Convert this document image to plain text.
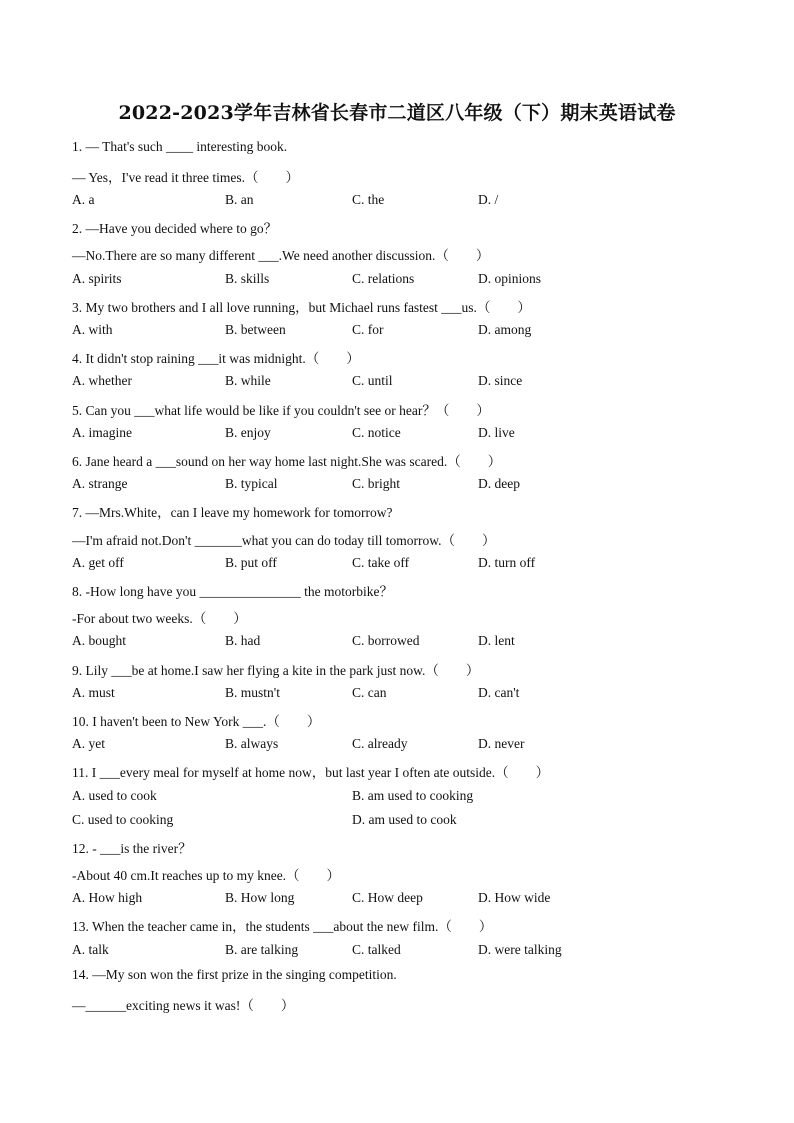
2022-2023学年吉林省长春市二道区八年级（下）期末英语试卷
1. — That's such ____ interesting book.
— Yes，I've read it three times.（　　）
A. a	B. an	C. the	D. /
2. —Have you decided where to go？
—No.There are so many different ___.We need another discussion.（　　）
A. spirits	B. skills	C. relations	D. opinions
3. My two brothers and I all love running，but Michael runs fastest ___us.（　　）
A. with	B. between	C. for	D. among
4. It didn't stop raining ___it was midnight.（　　）
A. whether	B. while	C. until	D. since
5. Can you ___what life would be like if you couldn't see or hear？（　　）
A. imagine	B. enjoy	C. notice	D. live
6. Jane heard a ___sound on her way home last night.She was scared.（　　）
A. strange	B. typical	C. bright	D. deep
7. —Mrs.White，can I leave my homework for tomorrow?
—I'm afraid not.Don't _______what you can do today till tomorrow.（　　）
A. get off	B. put off	C. take off	D. turn off
8. -How long have you _______________ the motorbike？
-For about two weeks.（　　）
A. bought	B. had	C. borrowed	D. lent
9. Lily ___be at home.I saw her flying a kite in the park just now.（　　）
A. must	B. mustn't	C. can	D. can't
10. I haven't been to New York ___.（　　）
A. yet	B. always	C. already	D. never
11. I ___every meal for myself at home now，but last year I often ate outside.（　　）
A. used to cook	B. am used to cooking
C. used to cooking	D. am used to cook
12. - ___is the river？
-About 40 cm.It reaches up to my knee.（　　）
A. How high	B. How long	C. How deep	D. How wide
13. When the teacher came in，the students ___about the new film.（　　）
A. talk	B. are talking	C. talked	D. were talking
14. —My son won the first prize in the singing competition.
—______exciting news it was!（　　）
